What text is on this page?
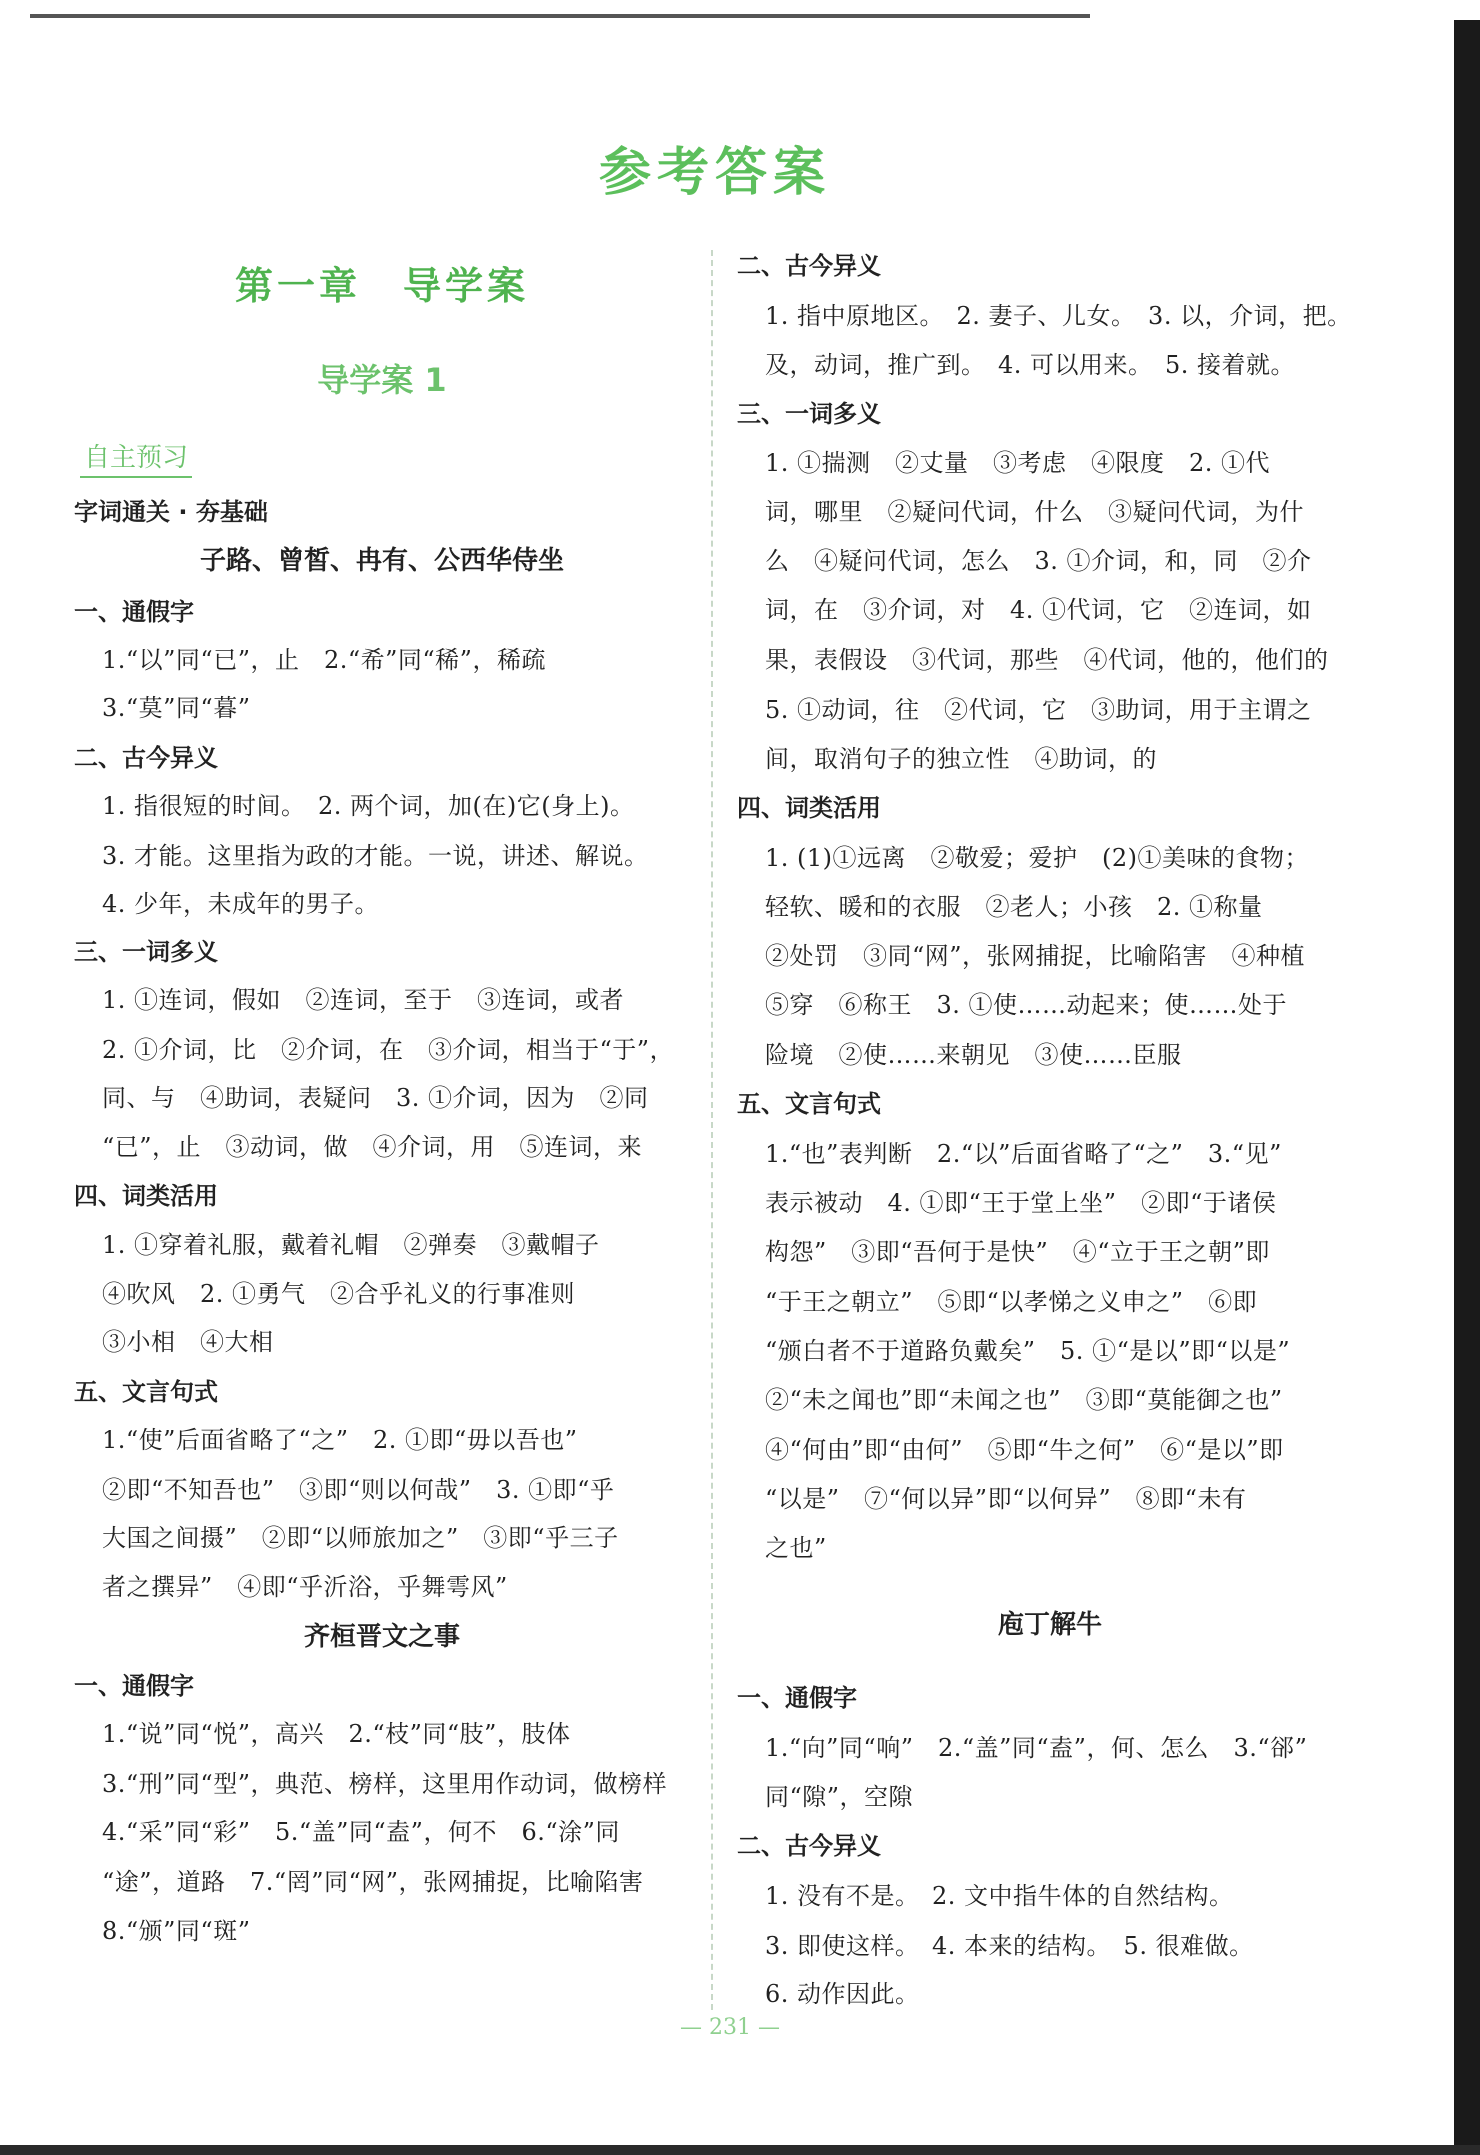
参考答案
第一章　导学案
导学案 1
自主预习
字词通关 · 夯基础
子路、曾皙、冉有、公西华侍坐
一、通假字
1.“以”同“已”，止　2.“希”同“稀”，稀疏
3.“莫”同“暮”
二、古今异义
1. 指很短的时间。　2. 两个词，加(在)它(身上)。
3. 才能。这里指为政的才能。一说，讲述、解说。
4. 少年，未成年的男子。
三、一词多义
1. ①连词，假如　②连词，至于　③连词，或者
2. ①介词，比　②介词，在　③介词，相当于“于”，
同、与　④助词，表疑问　3. ①介词，因为　②同
“已”，止　③动词，做　④介词，用　⑤连词，来
四、词类活用
1. ①穿着礼服，戴着礼帽　②弹奏　③戴帽子
④吹风　2. ①勇气　②合乎礼义的行事准则
③小相　④大相
五、文言句式
1.“使”后面省略了“之”　2. ①即“毋以吾也”
②即“不知吾也”　③即“则以何哉”　3. ①即“乎
大国之间摄”　②即“以师旅加之”　③即“乎三子
者之撰异”　④即“乎沂浴，乎舞雩风”
齐桓晋文之事
一、通假字
1.“说”同“悦”，高兴　2.“枝”同“肢”，肢体
3.“刑”同“型”，典范、榜样，这里用作动词，做榜样
4.“采”同“彩”　5.“盖”同“盍”，何不　6.“涂”同
“途”，道路　7.“罔”同“网”，张网捕捉，比喻陷害
8.“颁”同“斑”
二、古今异义
1. 指中原地区。　2. 妻子、儿女。　3. 以，介词，把。
及，动词，推广到。　4. 可以用来。　5. 接着就。
三、一词多义
1. ①揣测　②丈量　③考虑　④限度　2. ①代
词，哪里　②疑问代词，什么　③疑问代词，为什
么　④疑问代词，怎么　3. ①介词，和，同　②介
词，在　③介词，对　4. ①代词，它　②连词，如
果，表假设　③代词，那些　④代词，他的，他们的
5. ①动词，往　②代词，它　③助词，用于主谓之
间，取消句子的独立性　④助词，的
四、词类活用
1. (1)①远离　②敬爱；爱护　(2)①美味的食物；
轻软、暖和的衣服　②老人；小孩　2. ①称量
②处罚　③同“网”，张网捕捉，比喻陷害　④种植
⑤穿　⑥称王　3. ①使……动起来；使……处于
险境　②使……来朝见　③使……臣服
五、文言句式
1.“也”表判断　2.“以”后面省略了“之”　3.“见”
表示被动　4. ①即“王于堂上坐”　②即“于诸侯
构怨”　③即“吾何于是快”　④“立于王之朝”即
“于王之朝立”　⑤即“以孝悌之义申之”　⑥即
“颁白者不于道路负戴矣”　5. ①“是以”即“以是”
②“未之闻也”即“未闻之也”　③即“莫能御之也”
④“何由”即“由何”　⑤即“牛之何”　⑥“是以”即
“以是”　⑦“何以异”即“以何异”　⑧即“未有
之也”
庖丁解牛
一、通假字
1.“向”同“响”　2.“盖”同“盍”，何、怎么　3.“郤”
同“隙”，空隙
二、古今异义
1. 没有不是。　2. 文中指牛体的自然结构。
3. 即使这样。　4. 本来的结构。　5. 很难做。
6. 动作因此。
— 231 —
